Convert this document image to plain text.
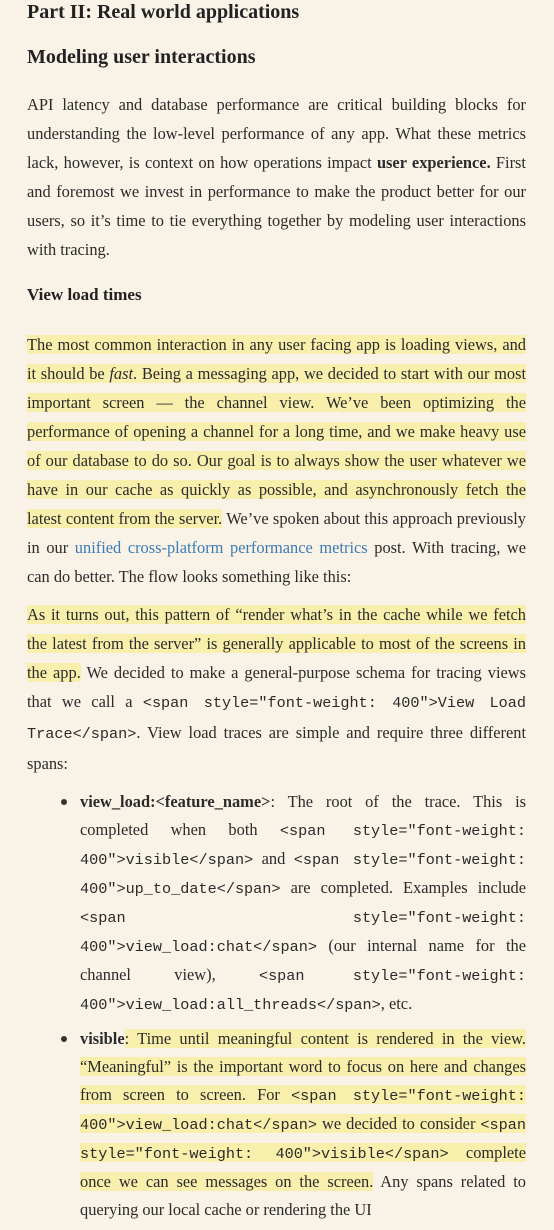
Part II: Real world applications
Modeling user interactions

API latency and database performance are critical building blocks for understanding the low-level performance of any app. What these metrics lack, however, is context on how operations impact user experience. First and foremost we invest in performance to make the product better for our users, so it’s time to tie everything together by modeling user interactions with tracing.

View load times

The most common interaction in any user facing app is loading views, and it should be fast. Being a messaging app, we decided to start with our most important screen — the channel view. We’ve been optimizing the performance of opening a channel for a long time, and we make heavy use of our database to do so. Our goal is to always show the user whatever we have in our cache as quickly as possible, and asynchronously fetch the latest content from the server. We’ve spoken about this approach previously in our unified cross-platform performance metrics post. With tracing, we can do better. The flow looks something like this:

As it turns out, this pattern of “render what’s in the cache while we fetch the latest from the server” is generally applicable to most of the screens in the app. We decided to make a general-purpose schema for tracing views that we call a <span style="font-weight: 400">View Load Trace</span>. View load traces are simple and require three different spans:

view_load:<feature_name>: The root of the trace. This is completed when both <span style="font-weight: 400">visible</span> and <span style="font-weight: 400">up_to_date</span> are completed. Examples include <span style="font-weight: 400">view_load:chat</span> (our internal name for the channel view), <span style="font-weight: 400">view_load:all_threads</span>, etc.
visible: Time until meaningful content is rendered in the view. “Meaningful” is the important word to focus on here and changes from screen to screen. For <span style="font-weight: 400">view_load:chat</span> we decided to consider <span style="font-weight: 400">visible</span> complete once we can see messages on the screen. Any spans related to querying our local cache or rendering the UI
